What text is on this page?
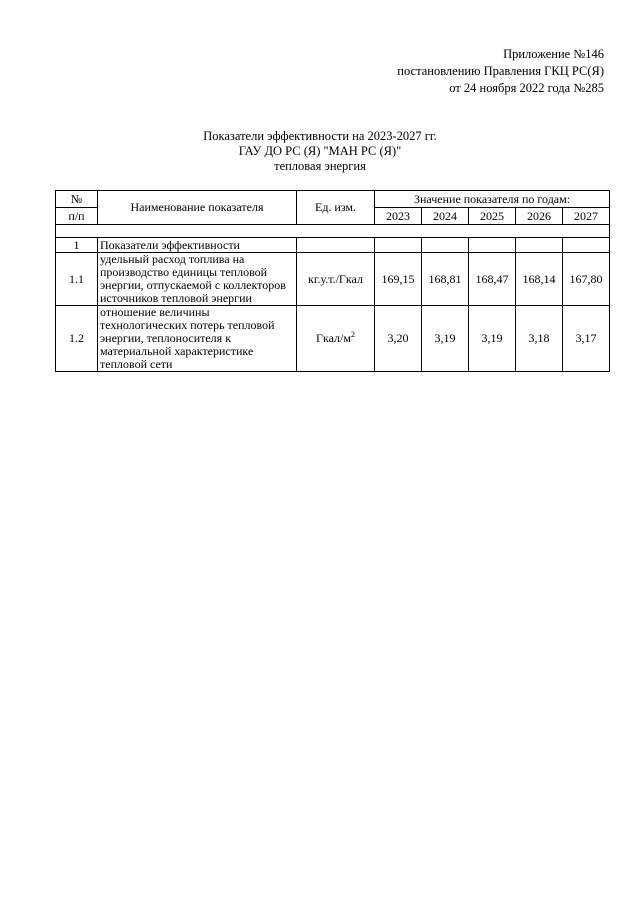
Приложение №146
постановлению Правления ГКЦ РС(Я)
от 24 ноября 2022 года №285
Показатели эффективности на 2023-2027 гг.
ГАУ ДО РС (Я) "МАН РС (Я)"
тепловая энергия
№	Наименование показателя	Ед. изм.	Значение показателя по годам:				
п/п			2023	2024	2025	2026	2027

1	Показатели эффективности						
1.1	удельный расход топлива на производство единицы тепловой энергии, отпускаемой с коллекторов источников тепловой энергии	кг.у.т./Гкал	169,15	168,81	168,47	168,14	167,80
1.2	отношение величины технологических потерь тепловой энергии, теплоносителя к материальной характеристике тепловой сети	Гкал/$м^2$	3,20	3,19	3,19	3,18	3,17
